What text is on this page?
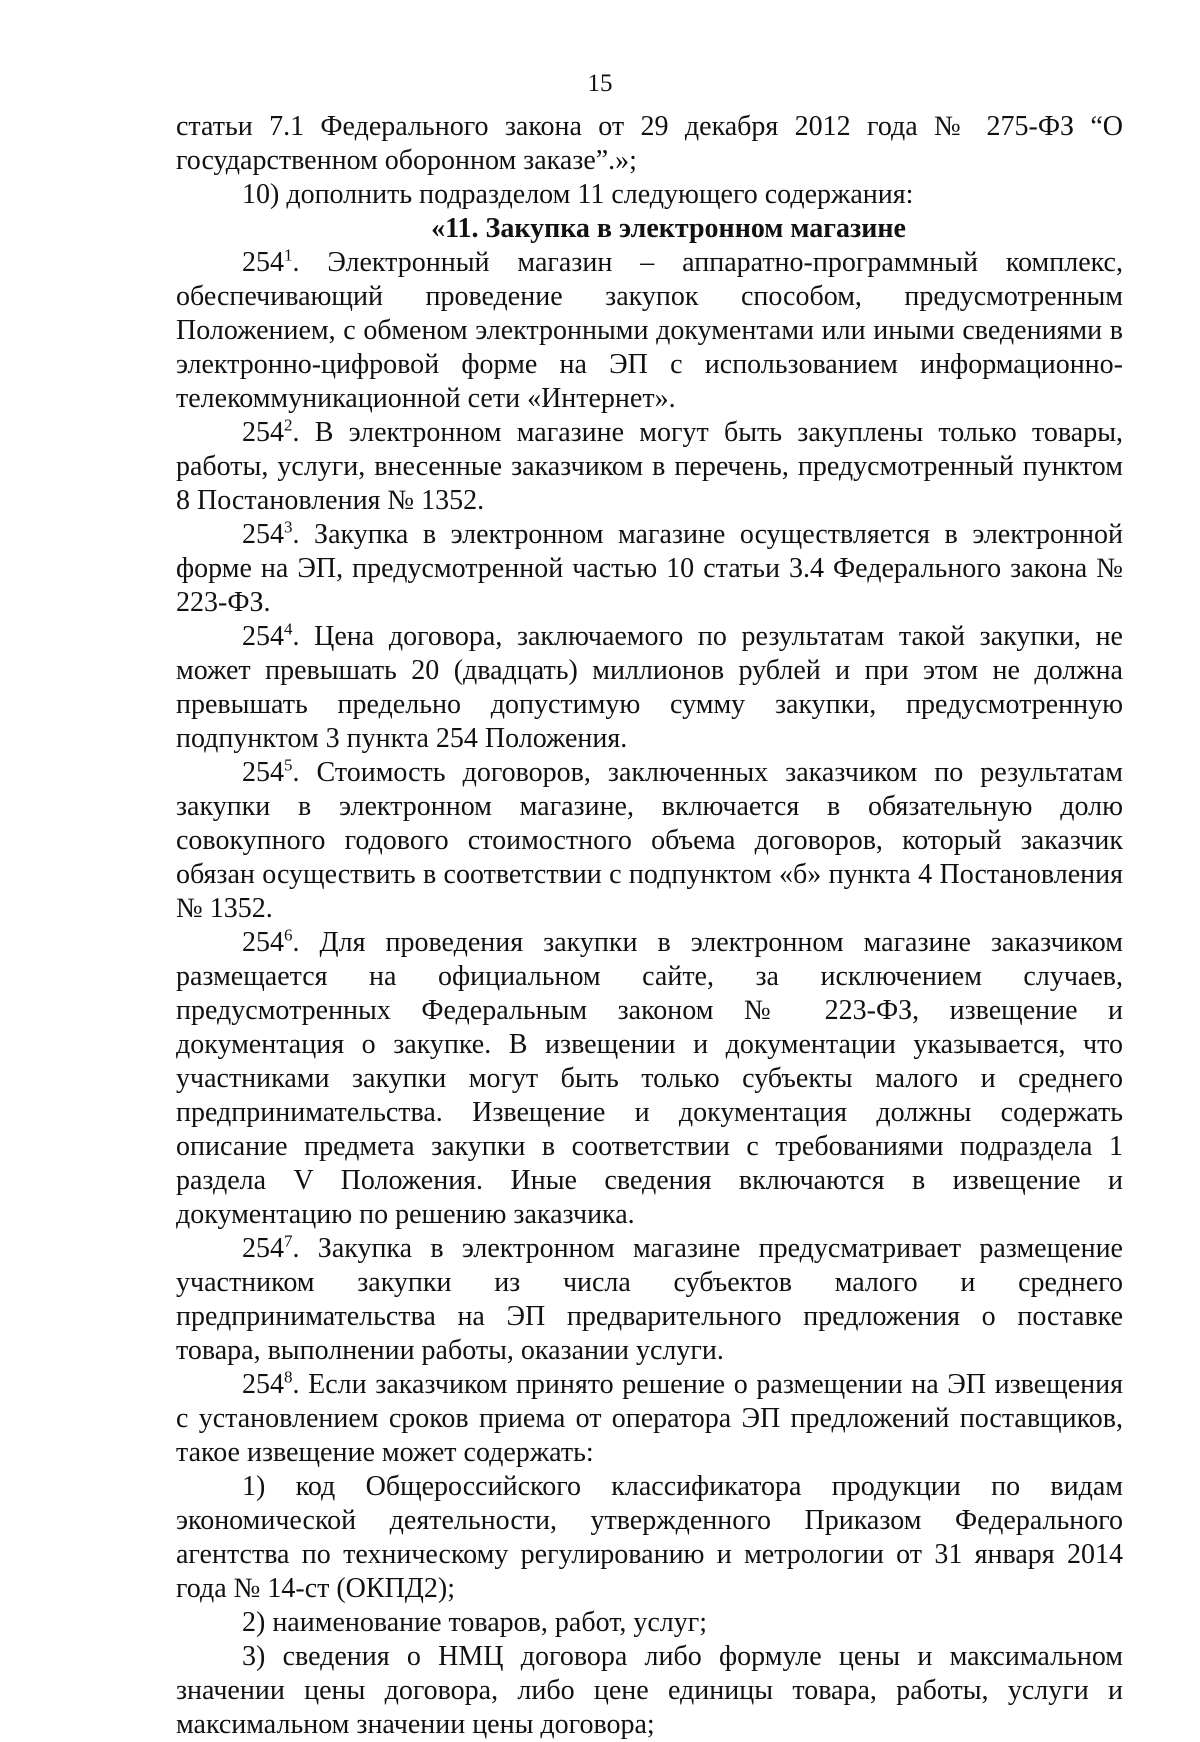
15

статьи 7.1 Федерального закона от 29 декабря 2012 года № 275-ФЗ “О государственном оборонном заказе”.»;

10) дополнить подразделом 11 следующего содержания:

«11. Закупка в электронном магазине

$254^1$. Электронный магазин – аппаратно-программный комплекс, обеспечивающий проведение закупок способом, предусмотренным Положением, с обменом электронными документами или иными сведениями в электронно-цифровой форме на ЭП с использованием информационно-телекоммуникационной сети «Интернет».

$254^2$. В электронном магазине могут быть закуплены только товары, работы, услуги, внесенные заказчиком в перечень, предусмотренный пунктом 8 Постановления № 1352.

$254^3$. Закупка в электронном магазине осуществляется в электронной форме на ЭП, предусмотренной частью 10 статьи 3.4 Федерального закона № 223-ФЗ.

$254^4$. Цена договора, заключаемого по результатам такой закупки, не может превышать 20 (двадцать) миллионов рублей и при этом не должна превышать предельно допустимую сумму закупки, предусмотренную подпунктом 3 пункта 254 Положения.

$254^5$. Стоимость договоров, заключенных заказчиком по результатам закупки в электронном магазине, включается в обязательную долю совокупного годового стоимостного объема договоров, который заказчик обязан осуществить в соответствии с подпунктом «б» пункта 4 Постановления № 1352.

$254^6$. Для проведения закупки в электронном магазине заказчиком размещается на официальном сайте, за исключением случаев, предусмотренных Федеральным законом № 223-ФЗ, извещение и документация о закупке. В извещении и документации указывается, что участниками закупки могут быть только субъекты малого и среднего предпринимательства. Извещение и документация должны содержать описание предмета закупки в соответствии с требованиями подраздела 1 раздела V Положения. Иные сведения включаются в извещение и документацию по решению заказчика.

$254^7$. Закупка в электронном магазине предусматривает размещение участником закупки из числа субъектов малого и среднего предпринимательства на ЭП предварительного предложения о поставке товара, выполнении работы, оказании услуги.

$254^8$. Если заказчиком принято решение о размещении на ЭП извещения с установлением сроков приема от оператора ЭП предложений поставщиков, такое извещение может содержать:

1) код Общероссийского классификатора продукции по видам экономической деятельности, утвержденного Приказом Федерального агентства по техническому регулированию и метрологии от 31 января 2014 года № 14-ст (ОКПД2);

2) наименование товаров, работ, услуг;

3) сведения о НМЦ договора либо формуле цены и максимальном значении цены договора, либо цене единицы товара, работы, услуги и максимальном значении цены договора;
